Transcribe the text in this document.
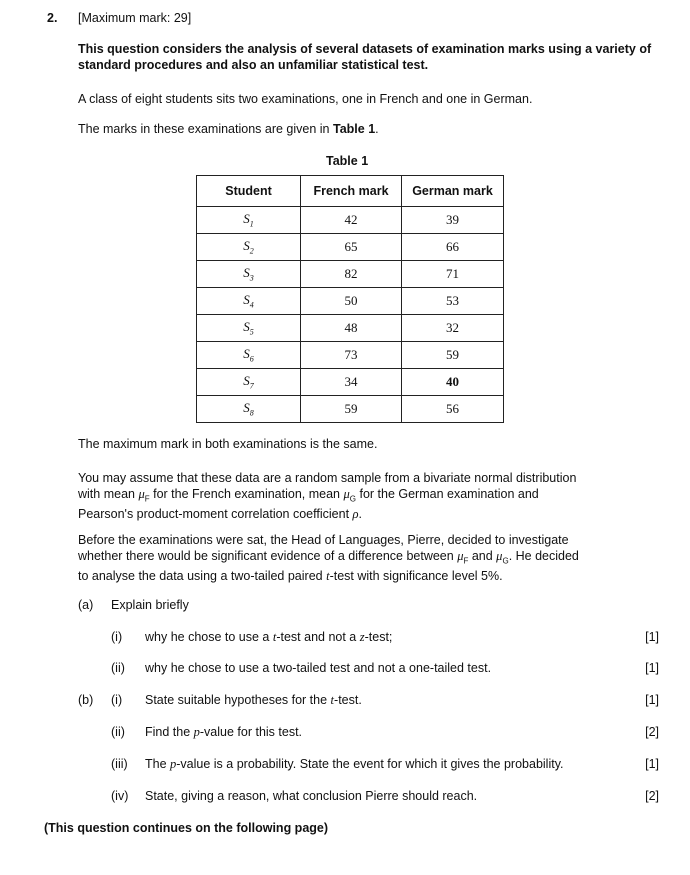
2. [Maximum mark: 29]

This question considers the analysis of several datasets of examination marks using a variety of standard procedures and also an unfamiliar statistical test.

A class of eight students sits two examinations, one in French and one in German.

The marks in these examinations are given in Table 1.

Table 1
Student	French mark	German mark
$S_1$	42	39
$S_2$	65	66
$S_3$	82	71
$S_4$	50	53
$S_5$	48	32
$S_6$	73	59
$S_7$	34	40
$S_8$	59	56

The maximum mark in both examinations is the same.

You may assume that these data are a random sample from a bivariate normal distribution
with mean $\mu_F$ for the French examination, mean $\mu_G$ for the German examination and
Pearson's product-moment correlation coefficient ρ.

Before the examinations were sat, the Head of Languages, Pierre, decided to investigate
whether there would be significant evidence of a difference between $\mu_F$ and $\mu_G$. He decided
to analyse the data using a two-tailed paired t-test with significance level 5%.

(a) Explain briefly
(i) why he chose to use a t-test and not a z-test;	[1]
(ii) why he chose to use a two-tailed test and not a one-tailed test.	[1]
(b) (i) State suitable hypotheses for the t-test.	[1]
(ii) Find the p-value for this test.	[2]
(iii) The p-value is a probability. State the event for which it gives the probability.	[1]
(iv) State, giving a reason, what conclusion Pierre should reach.	[2]
(This question continues on the following page)
